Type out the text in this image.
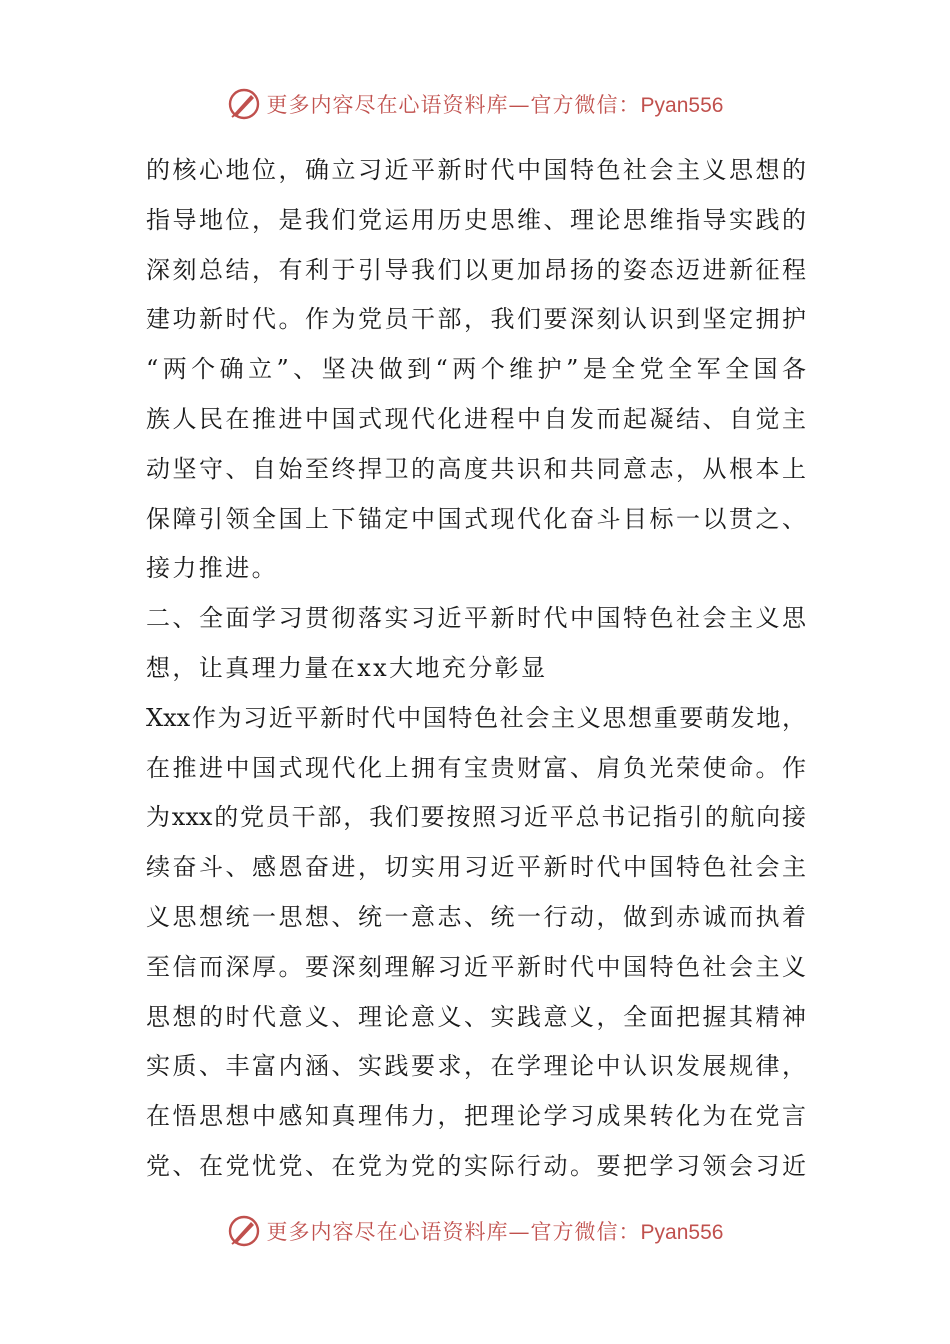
更多内容尽在心语资料库—官方微信：Pyan556
的核心地位，确立习近平新时代中国特色社会主义思想的
指导地位，是我们党运用历史思维、理论思维指导实践的
深刻总结，有利于引导我们以更加昂扬的姿态迈进新征程
建功新时代。作为党员干部，我们要深刻认识到坚定拥护
“两个确立”、坚决做到“两个维护”是全党全军全国各
族人民在推进中国式现代化进程中自发而起凝结、自觉主
动坚守、自始至终捍卫的高度共识和共同意志，从根本上
保障引领全国上下锚定中国式现代化奋斗目标一以贯之、
接力推进。
二、全面学习贯彻落实习近平新时代中国特色社会主义思
想，让真理力量在xx大地充分彰显
Xxx作为习近平新时代中国特色社会主义思想重要萌发地，
在推进中国式现代化上拥有宝贵财富、肩负光荣使命。作
为xxx的党员干部，我们要按照习近平总书记指引的航向接
续奋斗、感恩奋进，切实用习近平新时代中国特色社会主
义思想统一思想、统一意志、统一行动，做到赤诚而执着
至信而深厚。要深刻理解习近平新时代中国特色社会主义
思想的时代意义、理论意义、实践意义，全面把握其精神
实质、丰富内涵、实践要求，在学理论中认识发展规律，
在悟思想中感知真理伟力，把理论学习成果转化为在党言
党、在党忧党、在党为党的实际行动。要把学习领会习近
更多内容尽在心语资料库—官方微信：Pyan556
